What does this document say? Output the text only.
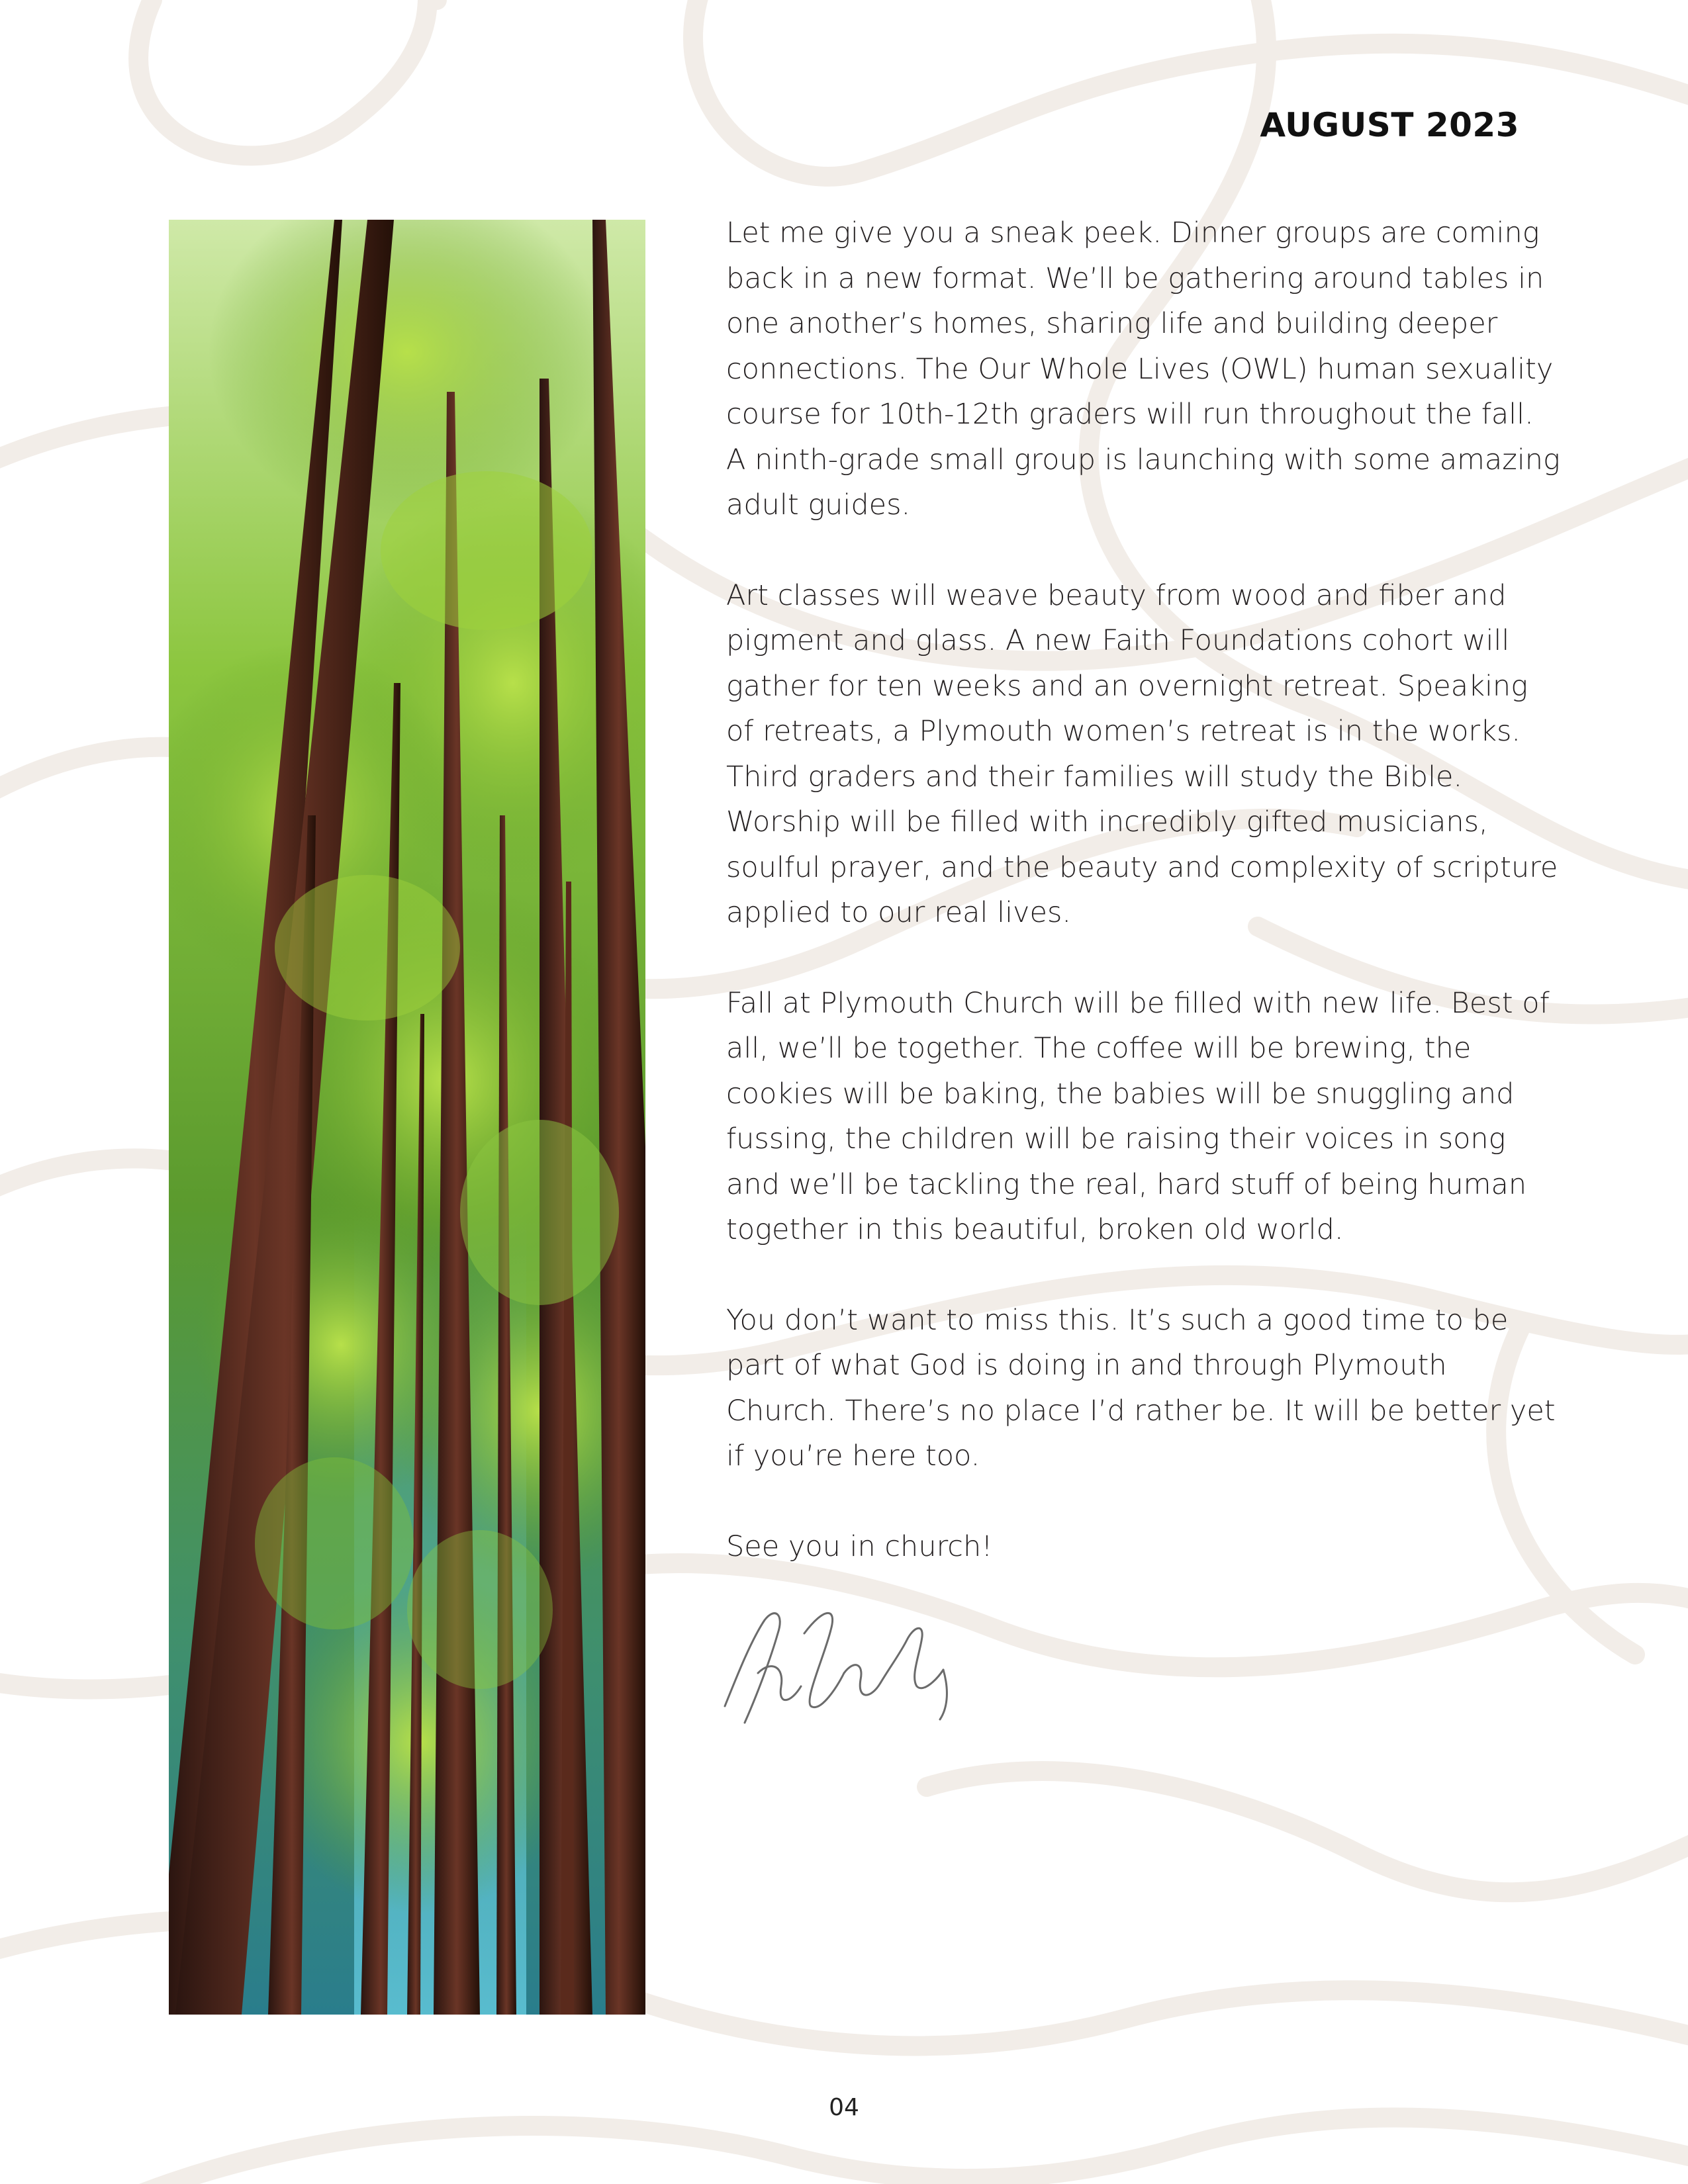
AUGUST 2023

Let me give you a sneak peek. Dinner groups are coming back in a new format. We’ll be gathering around tables in one another’s homes, sharing life and building deeper connections. The Our Whole Lives (OWL) human sexuality course for 10th-12th graders will run throughout the fall. A ninth-grade small group is launching with some amazing adult guides.

Art classes will weave beauty from wood and fiber and pigment and glass. A new Faith Foundations cohort will gather for ten weeks and an overnight retreat. Speaking of retreats, a Plymouth women’s retreat is in the works. Third graders and their families will study the Bible. Worship will be filled with incredibly gifted musicians, soulful prayer, and the beauty and complexity of scripture applied to our real lives.

Fall at Plymouth Church will be filled with new life. Best of all, we’ll be together. The coffee will be brewing, the cookies will be baking, the babies will be snuggling and fussing, the children will be raising their voices in song and we’ll be tackling the real, hard stuff of being human together in this beautiful, broken old world.

You don’t want to miss this. It’s such a good time to be part of what God is doing in and through Plymouth Church. There’s no place I’d rather be. It will be better yet if you’re here too.

See you in church!

04
